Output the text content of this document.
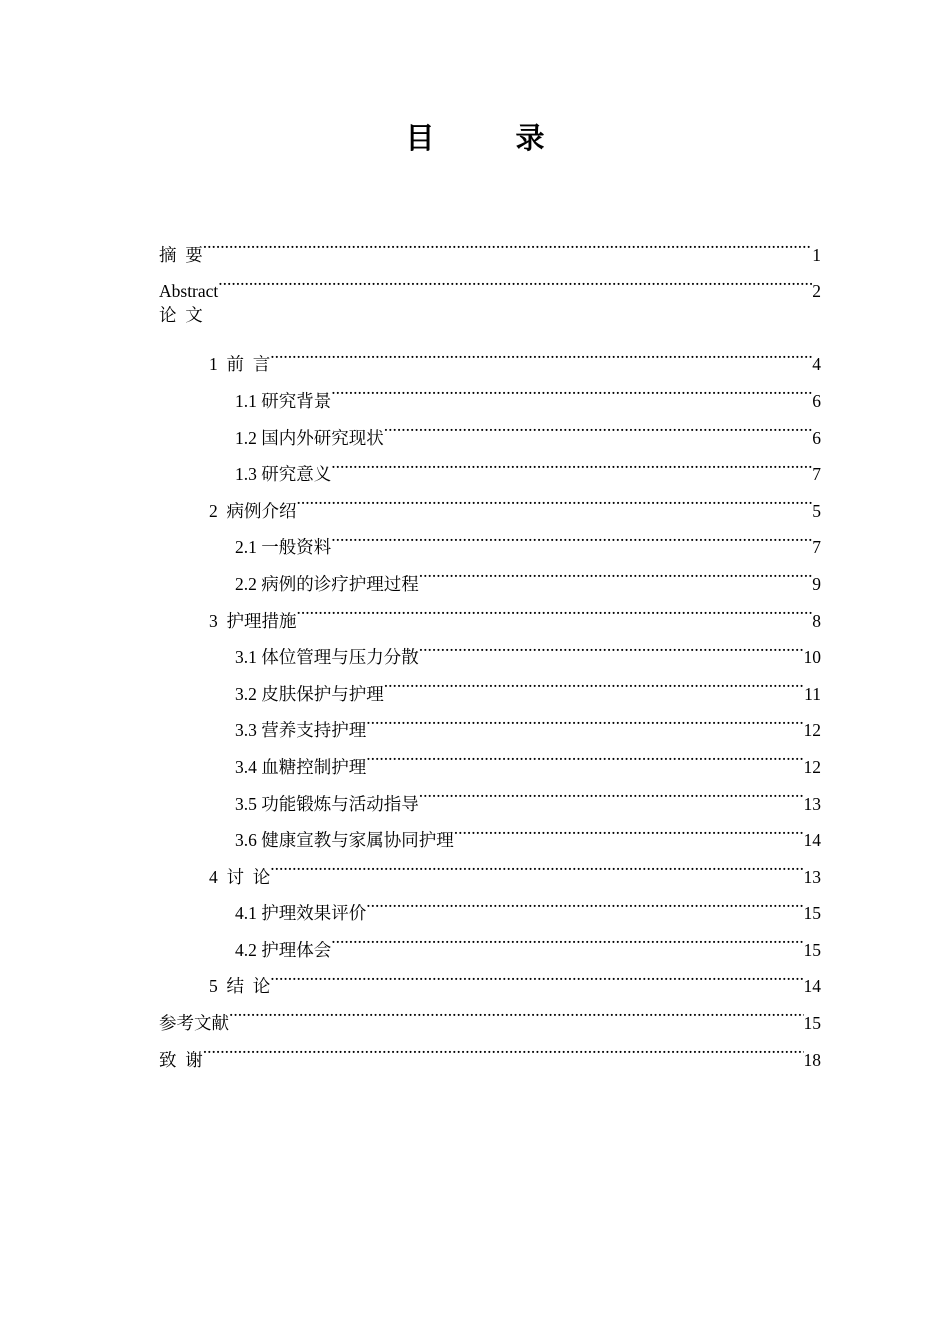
目　录
摘  要 .....	1
Abstract .....	2
论  文
1  前  言 .....	4
1.1 研究背景 .....	6
1.2 国内外研究现状 .....	6
1.3 研究意义 .....	7
2  病例介绍 .....	5
2.1 一般资料 .....	7
2.2 病例的诊疗护理过程 .....	9
3  护理措施 .....	8
3.1 体位管理与压力分散 .....	10
3.2 皮肤保护与护理 .....	11
3.3 营养支持护理 .....	12
3.4 血糖控制护理 .....	12
3.5 功能锻炼与活动指导 .....	13
3.6 健康宣教与家属协同护理 .....	14
4  讨  论 .....	13
4.1 护理效果评价 .....	15
4.2 护理体会 .....	15
5  结  论 .....	14
参考文献 .....	15
致  谢 .....	18
